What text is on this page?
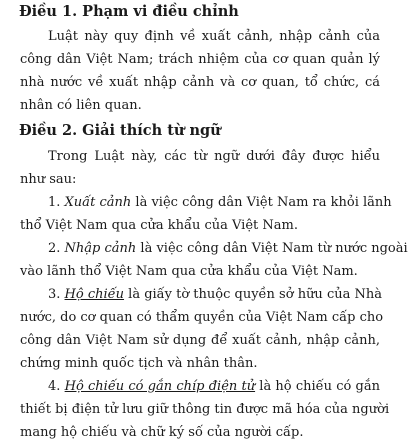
Điều 1. Phạm vi điều chỉnh
Luật này quy định về xuất cảnh, nhập cảnh của
công dân Việt Nam; trách nhiệm của cơ quan quản lý
nhà nước về xuất nhập cảnh và cơ quan, tổ chức, cá
nhân có liên quan.
Điều 2. Giải thích từ ngữ
Trong Luật này, các từ ngữ dưới đây được hiểu
như sau:
1. Xuất cảnh là việc công dân Việt Nam ra khỏi lãnh
thổ Việt Nam qua cửa khẩu của Việt Nam.
2. Nhập cảnh là việc công dân Việt Nam từ nước ngoài
vào lãnh thổ Việt Nam qua cửa khẩu của Việt Nam.
3. Hộ chiếu là giấy tờ thuộc quyền sở hữu của Nhà
nước, do cơ quan có thẩm quyền của Việt Nam cấp cho
công dân Việt Nam sử dụng để xuất cảnh, nhập cảnh,
chứng minh quốc tịch và nhân thân.
4. Hộ chiếu có gắn chíp điện tử là hộ chiếu có gắn
thiết bị điện tử lưu giữ thông tin được mã hóa của người
mang hộ chiếu và chữ ký số của người cấp.
